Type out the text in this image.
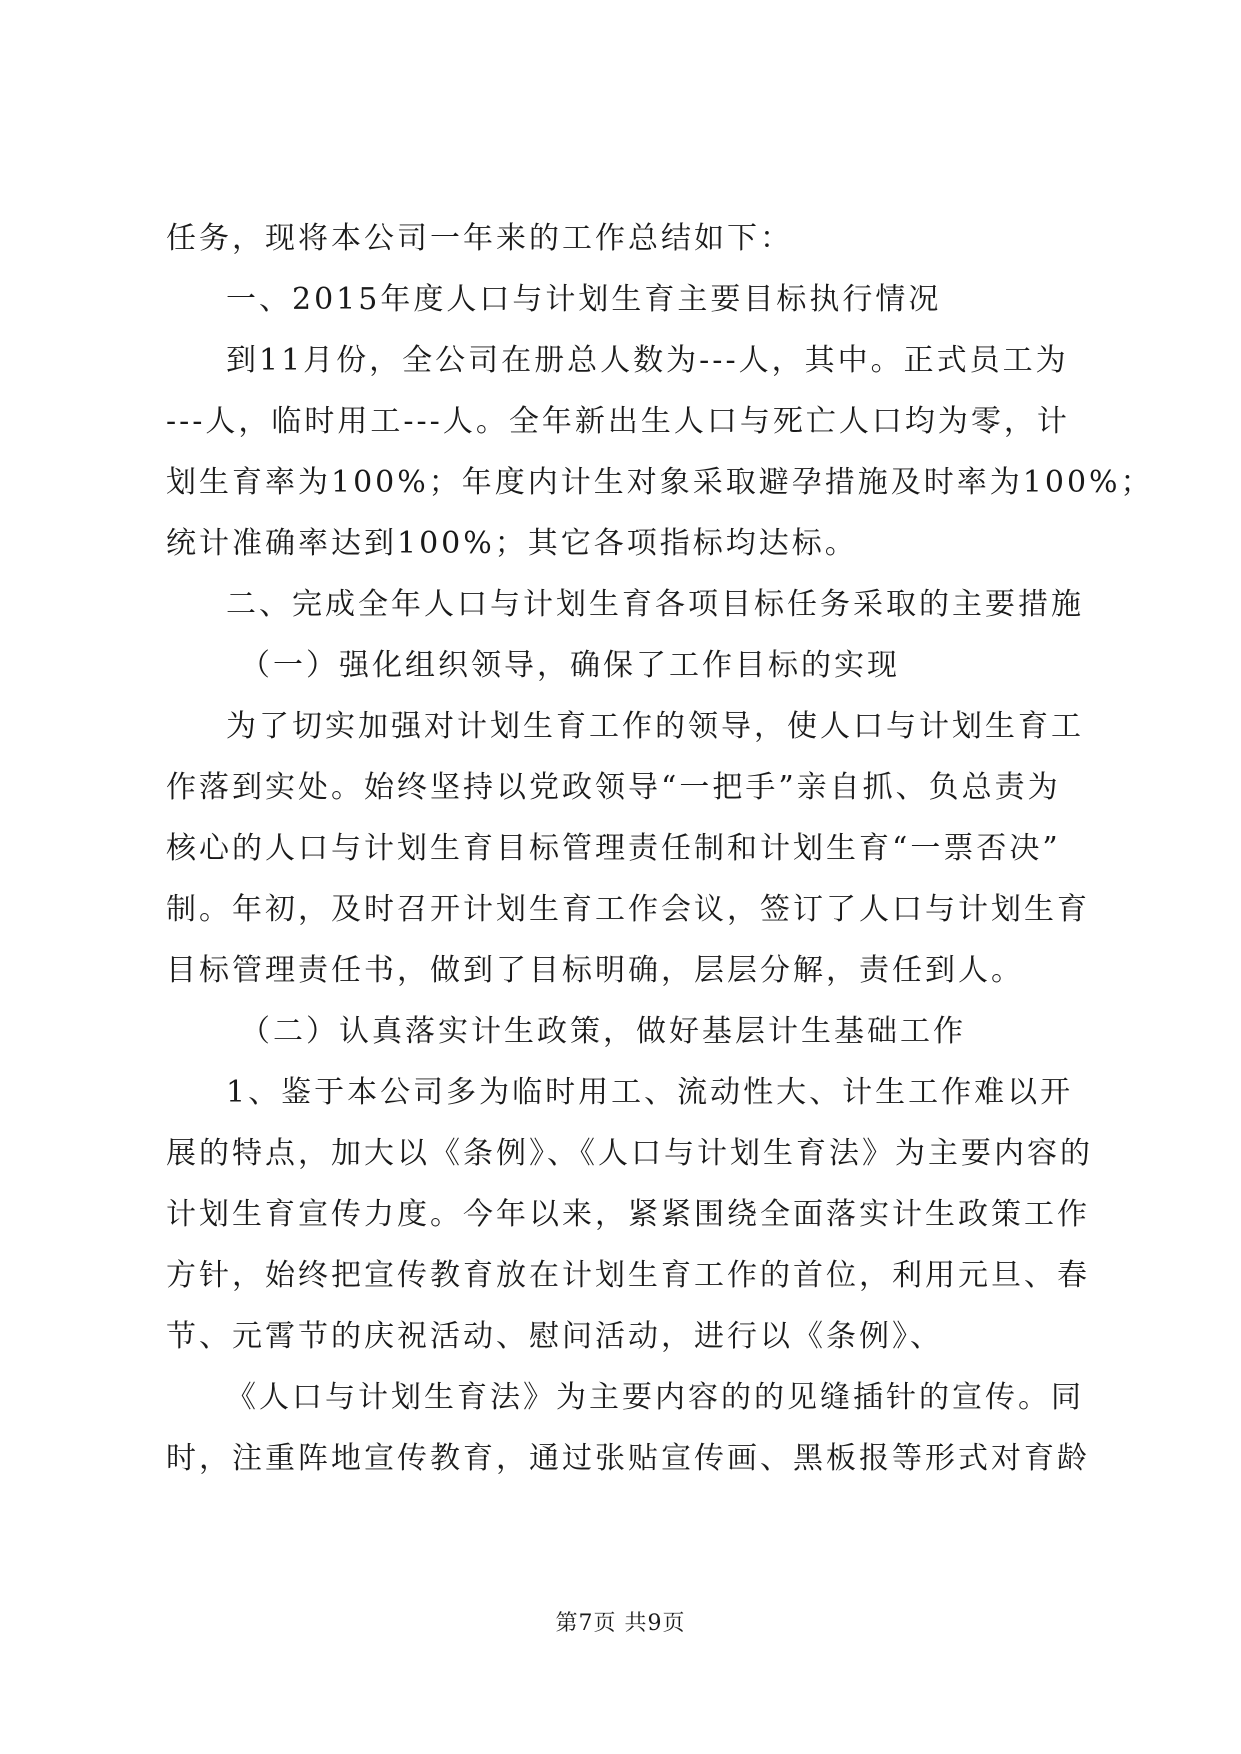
任务，现将本公司一年来的工作总结如下：
一、2015年度人口与计划生育主要目标执行情况
到11月份，全公司在册总人数为---人，其中。正式员工为
---人，临时用工---人。全年新出生人口与死亡人口均为零，计
划生育率为100%；年度内计生对象采取避孕措施及时率为100%；
统计准确率达到100%；其它各项指标均达标。
二、完成全年人口与计划生育各项目标任务采取的主要措施
（一）强化组织领导，确保了工作目标的实现
为了切实加强对计划生育工作的领导，使人口与计划生育工
作落到实处。始终坚持以党政领导“一把手”亲自抓、负总责为
核心的人口与计划生育目标管理责任制和计划生育“一票否决”
制。年初，及时召开计划生育工作会议，签订了人口与计划生育
目标管理责任书，做到了目标明确，层层分解，责任到人。
（二）认真落实计生政策，做好基层计生基础工作
1、鉴于本公司多为临时用工、流动性大、计生工作难以开
展的特点，加大以《条例》、《人口与计划生育法》为主要内容的
计划生育宣传力度。今年以来，紧紧围绕全面落实计生政策工作
方针，始终把宣传教育放在计划生育工作的首位，利用元旦、春
节、元霄节的庆祝活动、慰问活动，进行以《条例》、
《人口与计划生育法》为主要内容的的见缝插针的宣传。同
时，注重阵地宣传教育，通过张贴宣传画、黑板报等形式对育龄
第7页 共9页
